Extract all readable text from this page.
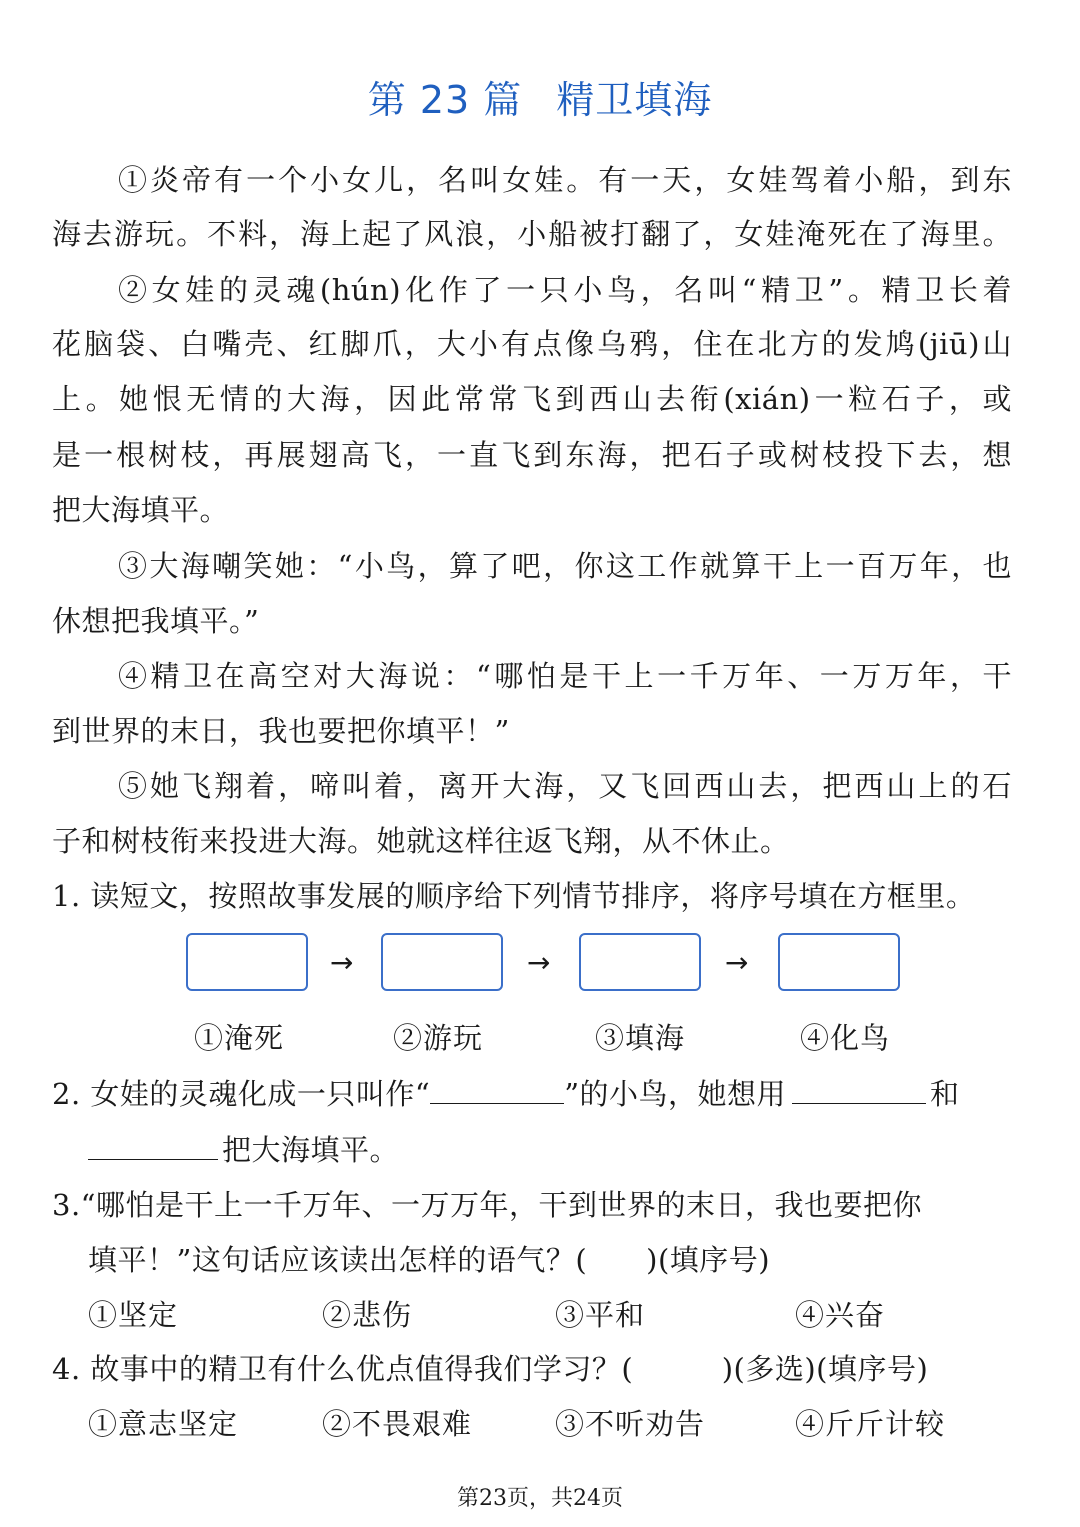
第 23 篇 精卫填海
①炎帝有一个小女儿，名叫女娃。有一天，女娃驾着小船，到东
海去游玩。不料，海上起了风浪，小船被打翻了，女娃淹死在了海里。
②女娃的灵魂(hún)化作了一只小鸟，名叫“精卫”。精卫长着
花脑袋、白嘴壳、红脚爪，大小有点像乌鸦，住在北方的发鸠(jiū)山
上。她恨无情的大海，因此常常飞到西山去衔(xián)一粒石子，或
是一根树枝，再展翅高飞，一直飞到东海，把石子或树枝投下去，想
把大海填平。
③大海嘲笑她：“小鸟，算了吧，你这工作就算干上一百万年，也
休想把我填平。”
④精卫在高空对大海说：“哪怕是干上一千万年、一万万年，干
到世界的末日，我也要把你填平！”
⑤她飞翔着，啼叫着，离开大海，又飞回西山去，把西山上的石
子和树枝衔来投进大海。她就这样往返飞翔，从不休止。
1. 读短文，按照故事发展的顺序给下列情节排序，将序号填在方框里。
→	→	→
①淹死	②游玩	③填海	④化鸟
2. 女娃的灵魂化成一只叫作“	”的小鸟，她想用	和
把大海填平。
3.“哪怕是干上一千万年、一万万年，干到世界的末日，我也要把你
填平！”这句话应该读出怎样的语气？(　　)(填序号)
①坚定	②悲伤	③平和	④兴奋
4. 故事中的精卫有什么优点值得我们学习？(　　　)(多选)(填序号)
①意志坚定	②不畏艰难	③不听劝告	④斤斤计较
第23页，共24页
